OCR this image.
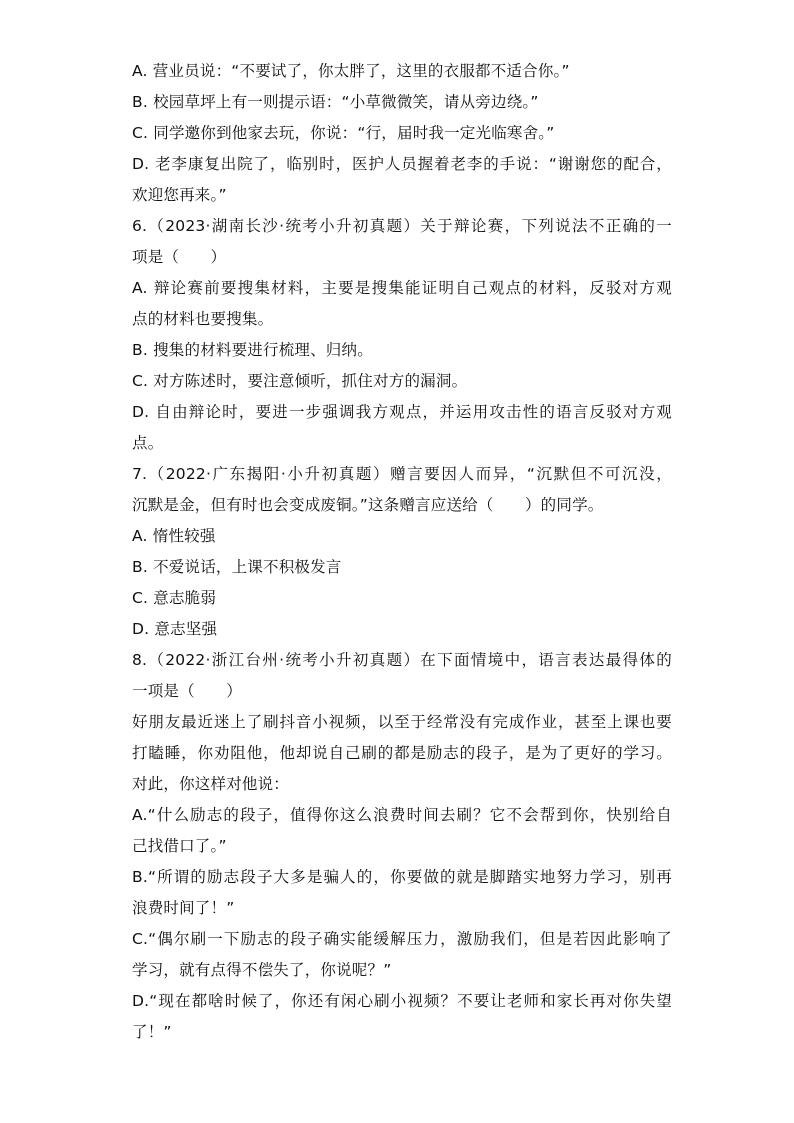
A. 营业员说：“不要试了，你太胖了，这里的衣服都不适合你。”
B. 校园草坪上有一则提示语：“小草微微笑，请从旁边绕。”
C. 同学邀你到他家去玩，你说：“行，届时我一定光临寒舍。”
D. 老李康复出院了，临别时，医护人员握着老李的手说：“谢谢您的配合，
欢迎您再来。”
6.（2023·湖南长沙·统考小升初真题）关于辩论赛，下列说法不正确的一
项是（　　）
A. 辩论赛前要搜集材料，主要是搜集能证明自己观点的材料，反驳对方观
点的材料也要搜集。
B. 搜集的材料要进行梳理、归纳。
C. 对方陈述时，要注意倾听，抓住对方的漏洞。
D. 自由辩论时，要进一步强调我方观点，并运用攻击性的语言反驳对方观
点。
7.（2022·广东揭阳·小升初真题）赠言要因人而异，“沉默但不可沉没，
沉默是金，但有时也会变成废铜。”这条赠言应送给（　　）的同学。
A. 惰性较强
B. 不爱说话，上课不积极发言
C. 意志脆弱
D. 意志坚强
8.（2022·浙江台州·统考小升初真题）在下面情境中，语言表达最得体的
一项是（　　）
好朋友最近迷上了刷抖音小视频，以至于经常没有完成作业，甚至上课也要
打瞌睡，你劝阻他，他却说自己刷的都是励志的段子，是为了更好的学习。
对此，你这样对他说：
A.“什么励志的段子，值得你这么浪费时间去刷？它不会帮到你，快别给自
己找借口了。”
B.“所谓的励志段子大多是骗人的，你要做的就是脚踏实地努力学习，别再
浪费时间了！”
C.“偶尔刷一下励志的段子确实能缓解压力，激励我们，但是若因此影响了
学习，就有点得不偿失了，你说呢？”
D.“现在都啥时候了，你还有闲心刷小视频？不要让老师和家长再对你失望
了！”
